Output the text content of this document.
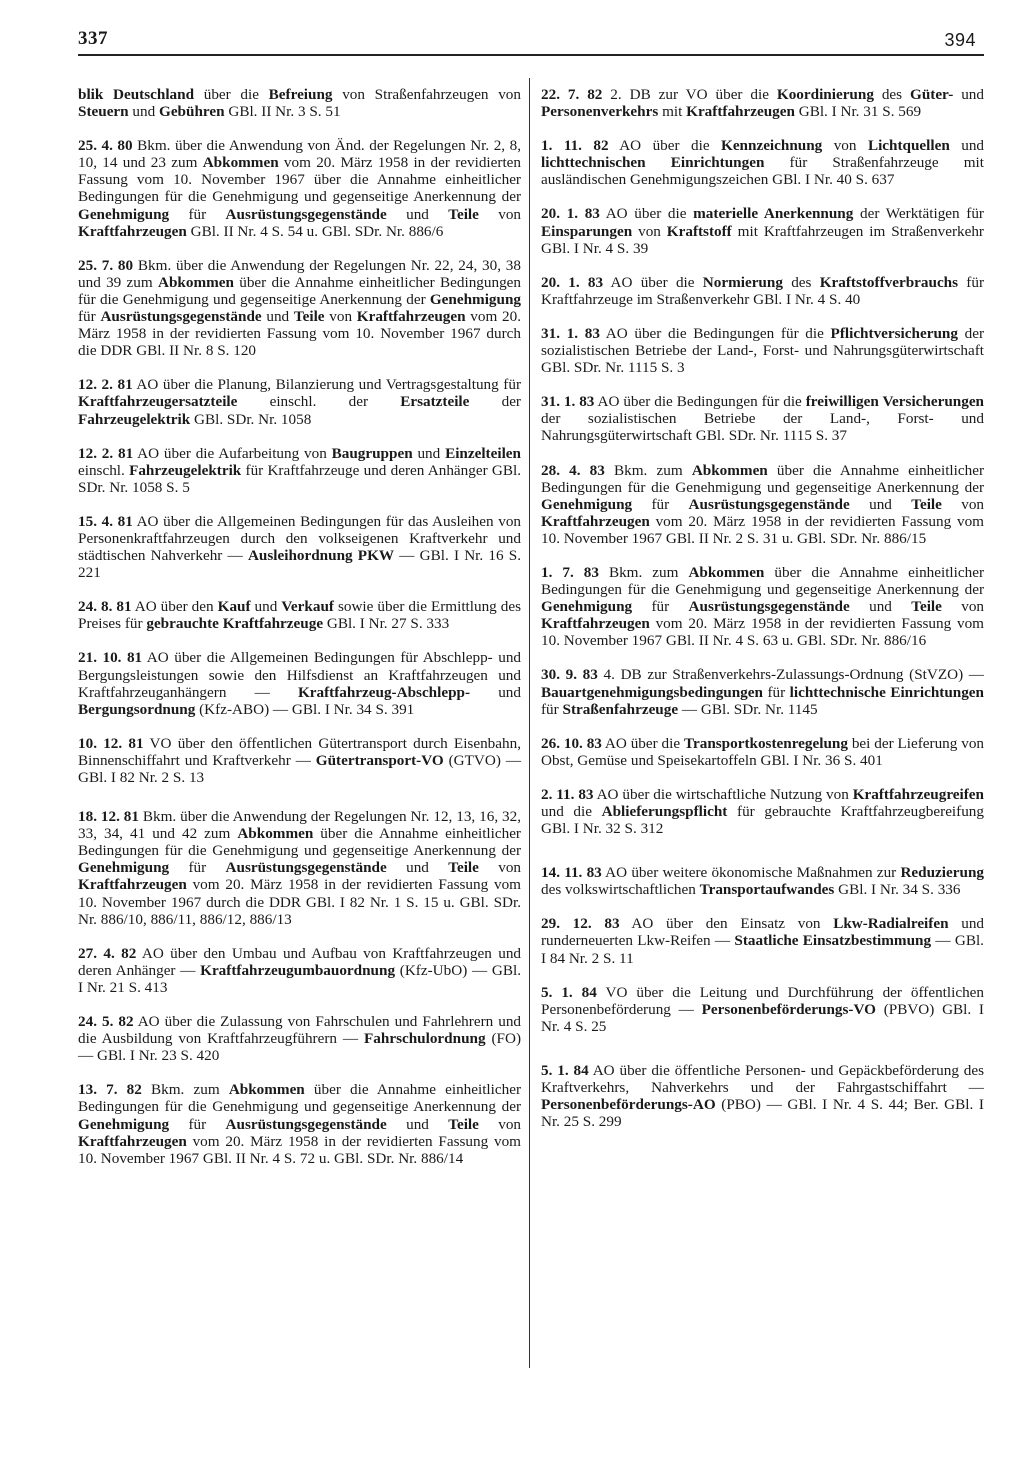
337	394

blik Deutschland über die Befreiung von Straßenfahrzeugen von Steuern und Gebühren GBl. II Nr. 3 S. 51

25. 4. 80 Bkm. über die Anwendung von Änd. der Regelungen Nr. 2, 8, 10, 14 und 23 zum Abkommen vom 20. März 1958 in der revidierten Fassung vom 10. November 1967 über die Annahme einheitlicher Bedingungen für die Genehmigung und gegenseitige Anerkennung der Genehmigung für Ausrüstungsgegenstände und Teile von Kraftfahrzeugen GBl. II Nr. 4 S. 54 u. GBl. SDr. Nr. 886/6

25. 7. 80 Bkm. über die Anwendung der Regelungen Nr. 22, 24, 30, 38 und 39 zum Abkommen über die Annahme einheitlicher Bedingungen für die Genehmigung und gegenseitige Anerkennung der Genehmigung für Ausrüstungsgegenstände und Teile von Kraftfahrzeugen vom 20. März 1958 in der revidierten Fassung vom 10. November 1967 durch die DDR GBl. II Nr. 8 S. 120

12. 2. 81 AO über die Planung, Bilanzierung und Vertragsgestaltung für Kraftfahrzeugersatzteile einschl. der Ersatzteile der Fahrzeugelektrik GBl. SDr. Nr. 1058

12. 2. 81 AO über die Aufarbeitung von Baugruppen und Einzelteilen einschl. Fahrzeugelektrik für Kraftfahrzeuge und deren Anhänger GBl. SDr. Nr. 1058 S. 5

15. 4. 81 AO über die Allgemeinen Bedingungen für das Ausleihen von Personenkraftfahrzeugen durch den volkseigenen Kraftverkehr und städtischen Nahverkehr — Ausleihordnung PKW — GBl. I Nr. 16 S. 221

24. 8. 81 AO über den Kauf und Verkauf sowie über die Ermittlung des Preises für gebrauchte Kraftfahrzeuge GBl. I Nr. 27 S. 333

21. 10. 81 AO über die Allgemeinen Bedingungen für Abschlepp- und Bergungsleistungen sowie den Hilfsdienst an Kraftfahrzeugen und Kraftfahrzeuganhängern — Kraftfahrzeug-Abschlepp- und Bergungsordnung (Kfz-ABO) — GBl. I Nr. 34 S. 391

10. 12. 81 VO über den öffentlichen Gütertransport durch Eisenbahn, Binnenschiffahrt und Kraftverkehr — Gütertransport-VO (GTVO) — GBl. I 82 Nr. 2 S. 13

18. 12. 81 Bkm. über die Anwendung der Regelungen Nr. 12, 13, 16, 32, 33, 34, 41 und 42 zum Abkommen über die Annahme einheitlicher Bedingungen für die Genehmigung und gegenseitige Anerkennung der Genehmigung für Ausrüstungsgegenstände und Teile von Kraftfahrzeugen vom 20. März 1958 in der revidierten Fassung vom 10. November 1967 durch die DDR GBl. I 82 Nr. 1 S. 15 u. GBl. SDr. Nr. 886/10, 886/11, 886/12, 886/13

27. 4. 82 AO über den Umbau und Aufbau von Kraftfahrzeugen und deren Anhänger — Kraftfahrzeugumbauordnung (Kfz-UbO) — GBl. I Nr. 21 S. 413

24. 5. 82 AO über die Zulassung von Fahrschulen und Fahrlehrern und die Ausbildung von Kraftfahrzeugführern — Fahrschulordnung (FO) — GBl. I Nr. 23 S. 420

13. 7. 82 Bkm. zum Abkommen über die Annahme einheitlicher Bedingungen für die Genehmigung und gegenseitige Anerkennung der Genehmigung für Ausrüstungsgegenstände und Teile von Kraftfahrzeugen vom 20. März 1958 in der revidierten Fassung vom 10. November 1967 GBl. II Nr. 4 S. 72 u. GBl. SDr. Nr. 886/14

22. 7. 82 2. DB zur VO über die Koordinierung des Güter- und Personenverkehrs mit Kraftfahrzeugen GBl. I Nr. 31 S. 569

1. 11. 82 AO über die Kennzeichnung von Lichtquellen und lichttechnischen Einrichtungen für Straßenfahrzeuge mit ausländischen Genehmigungszeichen GBl. I Nr. 40 S. 637

20. 1. 83 AO über die materielle Anerkennung der Werktätigen für Einsparungen von Kraftstoff mit Kraftfahrzeugen im Straßenverkehr GBl. I Nr. 4 S. 39

20. 1. 83 AO über die Normierung des Kraftstoffverbrauchs für Kraftfahrzeuge im Straßenverkehr GBl. I Nr. 4 S. 40

31. 1. 83 AO über die Bedingungen für die Pflichtversicherung der sozialistischen Betriebe der Land-, Forst- und Nahrungsgüterwirtschaft GBl. SDr. Nr. 1115 S. 3

31. 1. 83 AO über die Bedingungen für die freiwilligen Versicherungen der sozialistischen Betriebe der Land-, Forst- und Nahrungsgüterwirtschaft GBl. SDr. Nr. 1115 S. 37

28. 4. 83 Bkm. zum Abkommen über die Annahme einheitlicher Bedingungen für die Genehmigung und gegenseitige Anerkennung der Genehmigung für Ausrüstungsgegenstände und Teile von Kraftfahrzeugen vom 20. März 1958 in der revidierten Fassung vom 10. November 1967 GBl. II Nr. 2 S. 31 u. GBl. SDr. Nr. 886/15

1. 7. 83 Bkm. zum Abkommen über die Annahme einheitlicher Bedingungen für die Genehmigung und gegenseitige Anerkennung der Genehmigung für Ausrüstungsgegenstände und Teile von Kraftfahrzeugen vom 20. März 1958 in der revidierten Fassung vom 10. November 1967 GBl. II Nr. 4 S. 63 u. GBl. SDr. Nr. 886/16

30. 9. 83 4. DB zur Straßenverkehrs-Zulassungs-Ordnung (StVZO) — Bauartgenehmigungsbedingungen für lichttechnische Einrichtungen für Straßenfahrzeuge — GBl. SDr. Nr. 1145

26. 10. 83 AO über die Transportkostenregelung bei der Lieferung von Obst, Gemüse und Speisekartoffeln GBl. I Nr. 36 S. 401

2. 11. 83 AO über die wirtschaftliche Nutzung von Kraftfahrzeugreifen und die Ablieferungspflicht für gebrauchte Kraftfahrzeugbereifung GBl. I Nr. 32 S. 312

14. 11. 83 AO über weitere ökonomische Maßnahmen zur Reduzierung des volkswirtschaftlichen Transportaufwandes GBl. I Nr. 34 S. 336

29. 12. 83 AO über den Einsatz von Lkw-Radialreifen und runderneuerten Lkw-Reifen — Staatliche Einsatzbestimmung — GBl. I 84 Nr. 2 S. 11

5. 1. 84 VO über die Leitung und Durchführung der öffentlichen Personenbeförderung — Personenbeförderungs-VO (PBVO) GBl. I Nr. 4 S. 25

5. 1. 84 AO über die öffentliche Personen- und Gepäckbeförderung des Kraftverkehrs, Nahverkehrs und der Fahrgastschiffahrt — Personenbeförderungs-AO (PBO) — GBl. I Nr. 4 S. 44; Ber. GBl. I Nr. 25 S. 299
